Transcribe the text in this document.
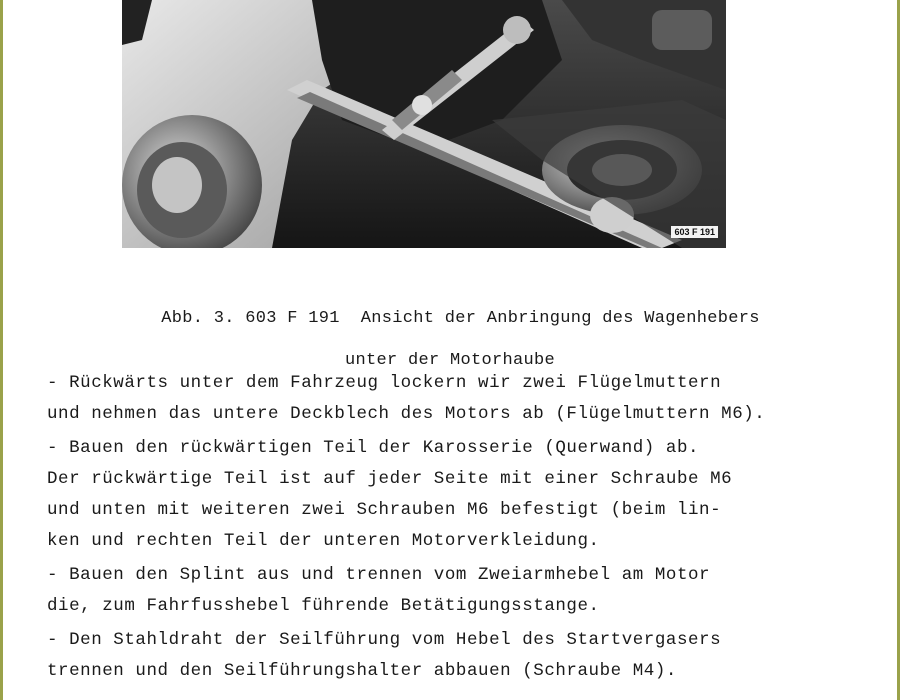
603 F 191

Abb. 3. 603 F 191  Ansicht der Anbringung des Wagenhebers

unter der Motorhaube

- Rückwärts unter dem Fahrzeug lockern wir zwei Flügelmuttern
und nehmen das untere Deckblech des Motors ab (Flügelmuttern M6).
- Bauen den rückwärtigen Teil der Karosserie (Querwand) ab.
Der rückwärtige Teil ist auf jeder Seite mit einer Schraube M6
und unten mit weiteren zwei Schrauben M6 befestigt (beim lin-
ken und rechten Teil der unteren Motorverkleidung.
- Bauen den Splint aus und trennen vom Zweiarmhebel am Motor
die, zum Fahrfusshebel führende Betätigungsstange.
- Den Stahldraht der Seilführung vom Hebel des Startvergasers
trennen und den Seilführungshalter abbauen (Schraube M4).
